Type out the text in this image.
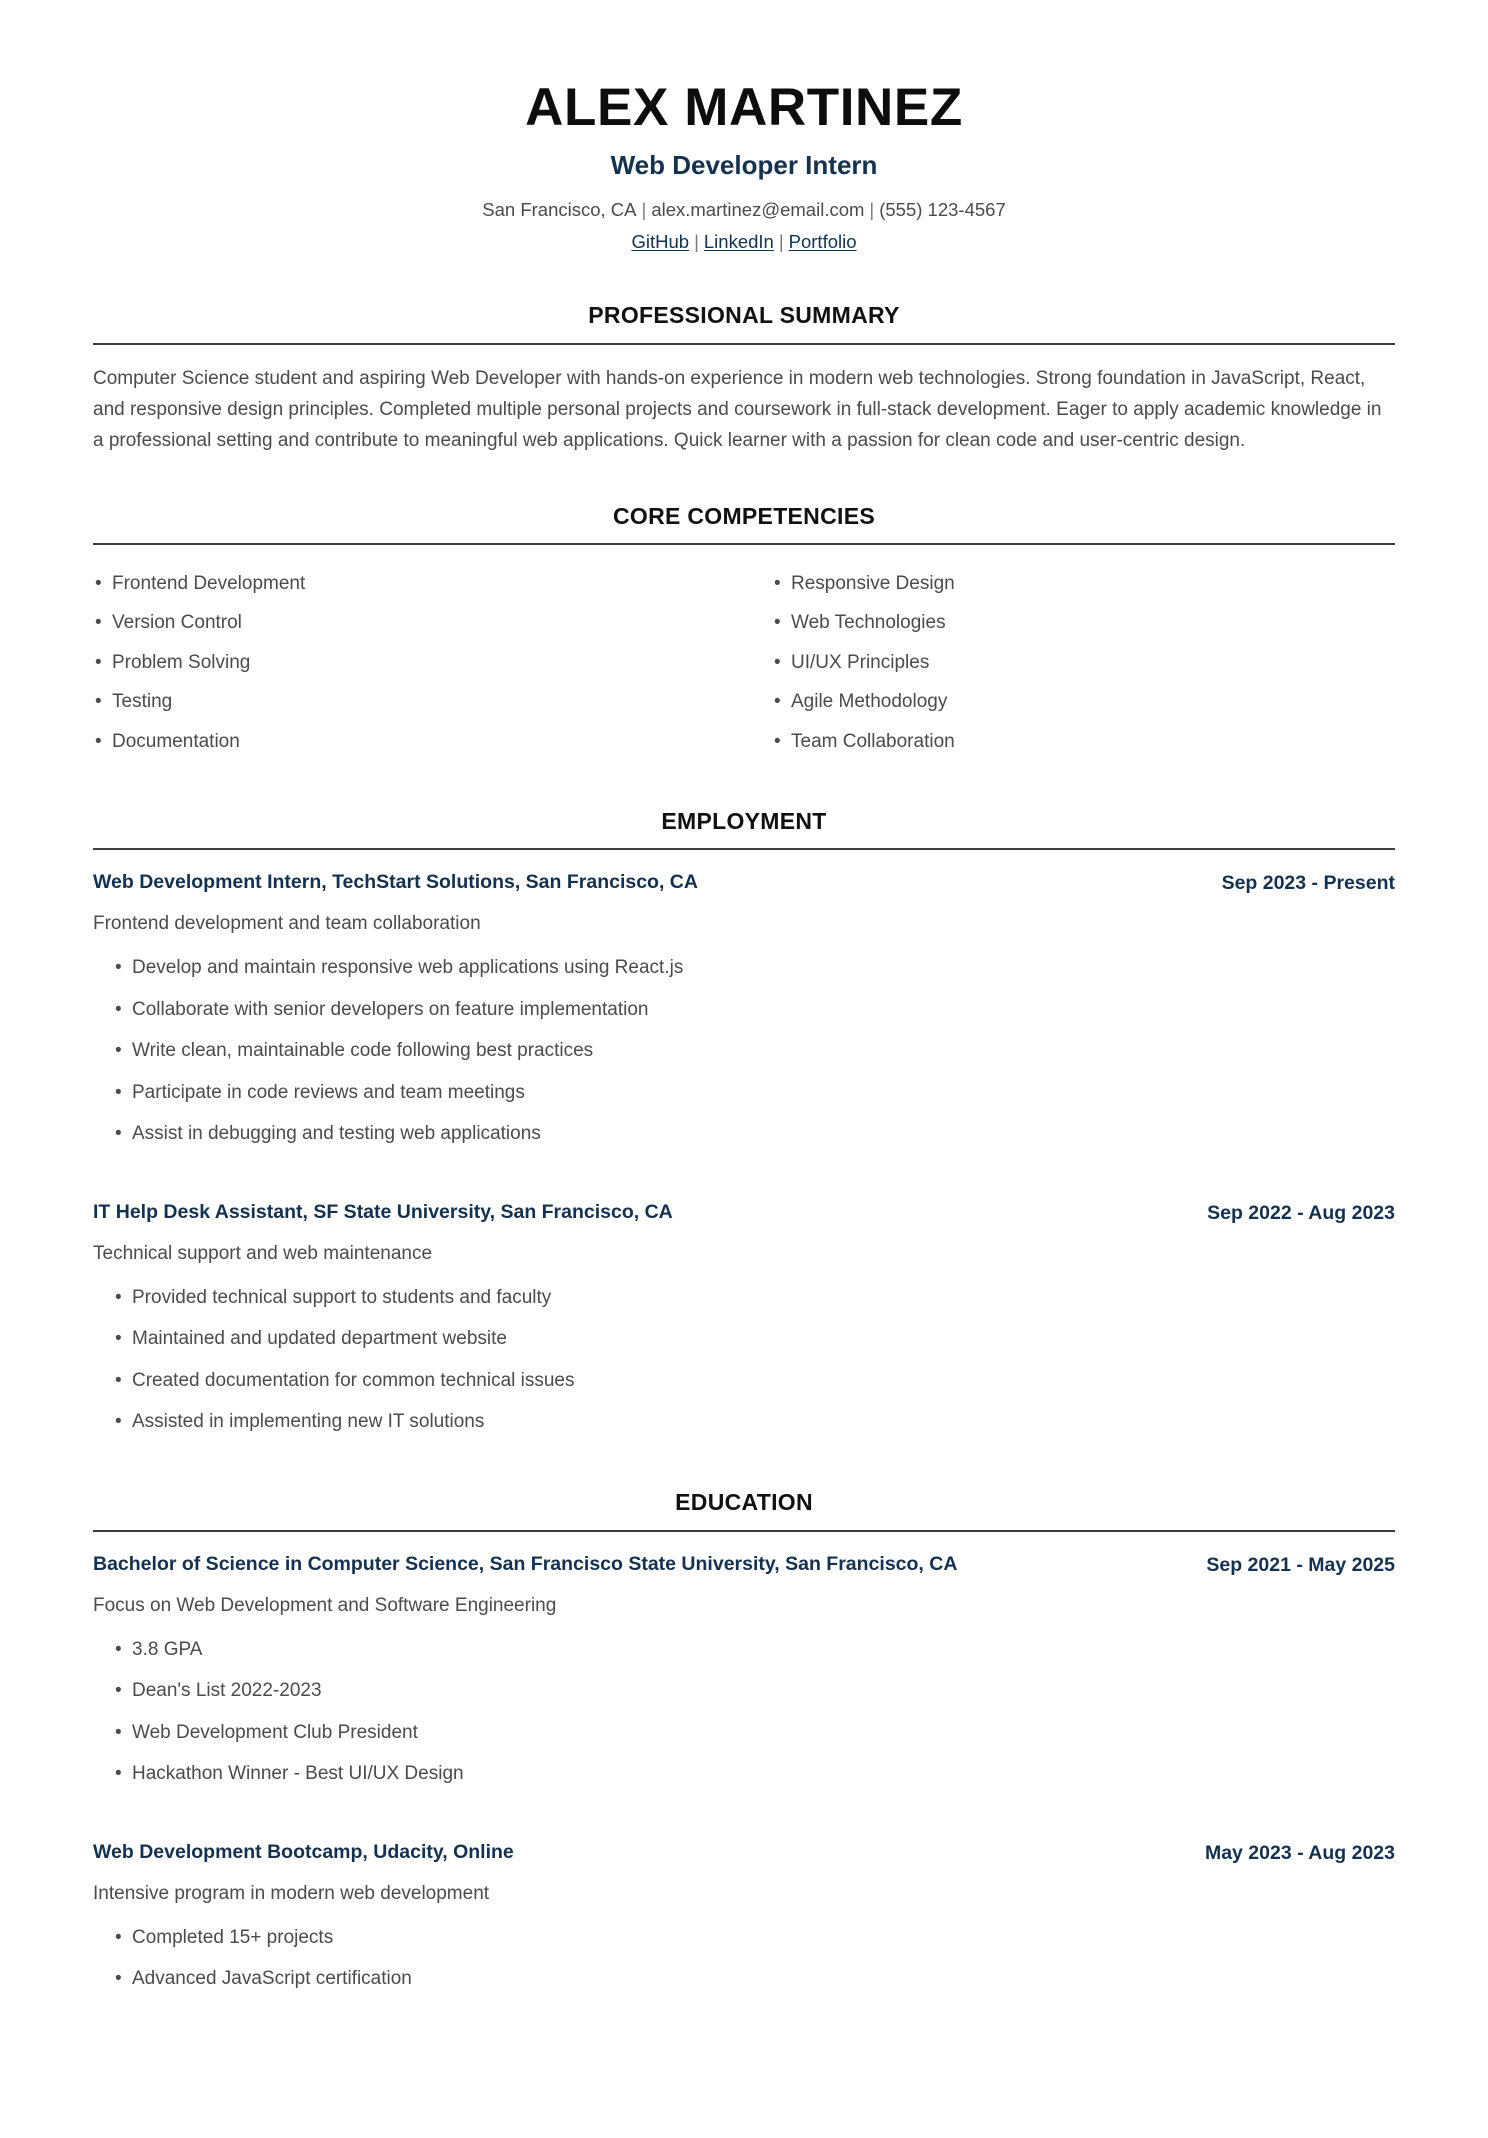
ALEX MARTINEZ
Web Developer Intern
San Francisco, CA | alex.martinez@email.com | (555) 123-4567
GitHub | LinkedIn | Portfolio
PROFESSIONAL SUMMARY
Computer Science student and aspiring Web Developer with hands-on experience in modern web technologies. Strong foundation in JavaScript, React, and responsive design principles. Completed multiple personal projects and coursework in full-stack development. Eager to apply academic knowledge in a professional setting and contribute to meaningful web applications. Quick learner with a passion for clean code and user-centric design.
CORE COMPETENCIES
• Frontend Development
• Version Control
• Problem Solving
• Testing
• Documentation
• Responsive Design
• Web Technologies
• UI/UX Principles
• Agile Methodology
• Team Collaboration
EMPLOYMENT
Web Development Intern, TechStart Solutions, San Francisco, CA	Sep 2023 - Present
Frontend development and team collaboration
• Develop and maintain responsive web applications using React.js
• Collaborate with senior developers on feature implementation
• Write clean, maintainable code following best practices
• Participate in code reviews and team meetings
• Assist in debugging and testing web applications
IT Help Desk Assistant, SF State University, San Francisco, CA	Sep 2022 - Aug 2023
Technical support and web maintenance
• Provided technical support to students and faculty
• Maintained and updated department website
• Created documentation for common technical issues
• Assisted in implementing new IT solutions
EDUCATION
Bachelor of Science in Computer Science, San Francisco State University, San Francisco, CA	Sep 2021 - May 2025
Focus on Web Development and Software Engineering
• 3.8 GPA
• Dean's List 2022-2023
• Web Development Club President
• Hackathon Winner - Best UI/UX Design
Web Development Bootcamp, Udacity, Online	May 2023 - Aug 2023
Intensive program in modern web development
• Completed 15+ projects
• Advanced JavaScript certification
